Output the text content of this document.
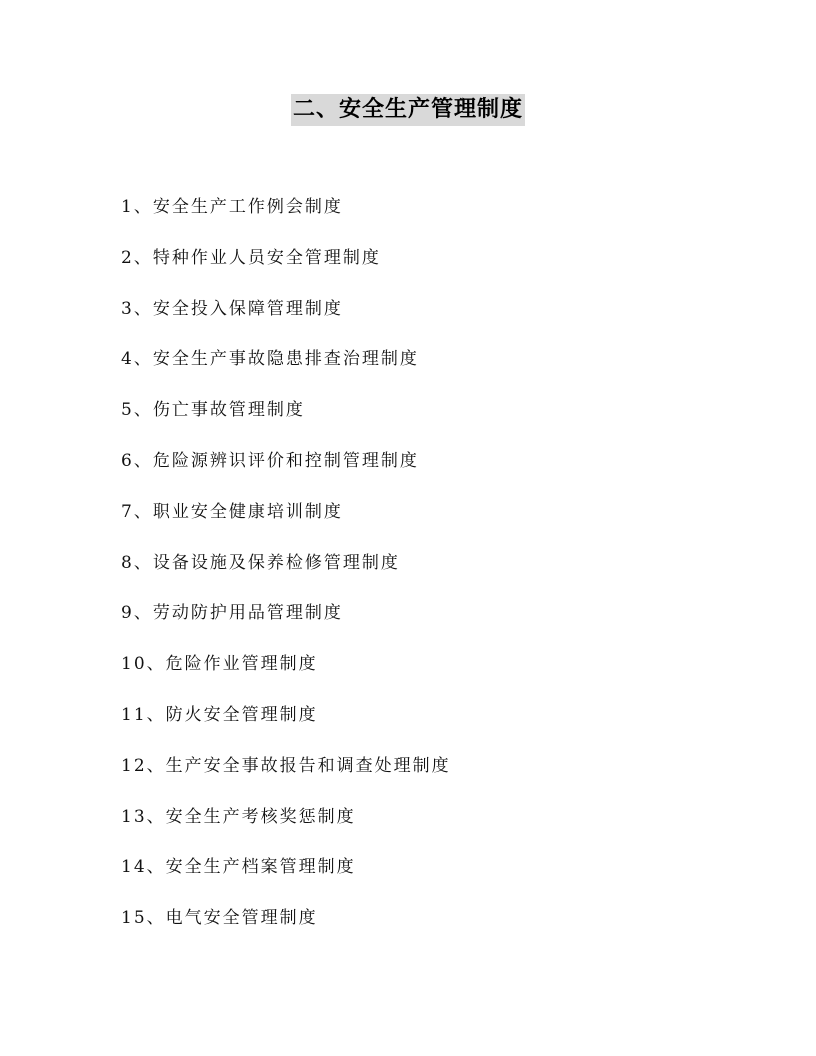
二、安全生产管理制度
1、安全生产工作例会制度
2、特种作业人员安全管理制度
3、安全投入保障管理制度
4、安全生产事故隐患排查治理制度
5、伤亡事故管理制度
6、危险源辨识评价和控制管理制度
7、职业安全健康培训制度
8、设备设施及保养检修管理制度
9、劳动防护用品管理制度
10、危险作业管理制度
11、防火安全管理制度
12、生产安全事故报告和调查处理制度
13、安全生产考核奖惩制度
14、安全生产档案管理制度
15、电气安全管理制度
